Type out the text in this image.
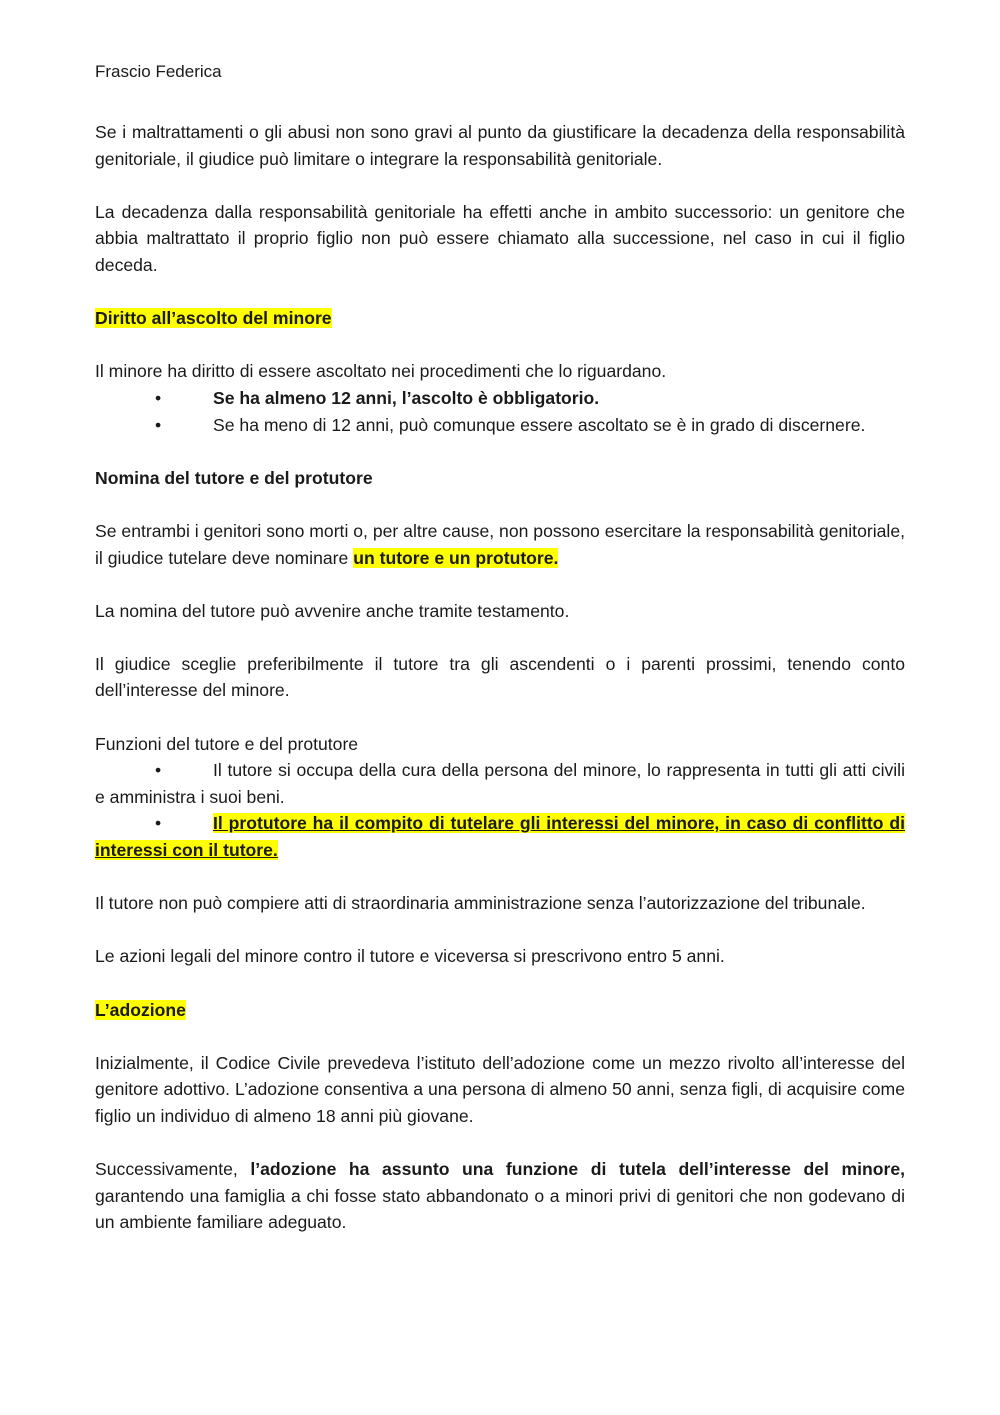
Frascio Federica

Se i maltrattamenti o gli abusi non sono gravi al punto da giustificare la decadenza della responsabilità genitoriale, il giudice può limitare o integrare la responsabilità genitoriale.

La decadenza dalla responsabilità genitoriale ha effetti anche in ambito successorio: un genitore che abbia maltrattato il proprio figlio non può essere chiamato alla successione, nel caso in cui il figlio deceda.

Diritto all’ascolto del minore

Il minore ha diritto di essere ascoltato nei procedimenti che lo riguardano.

•	Se ha almeno 12 anni, l’ascolto è obbligatorio.

•	Se ha meno di 12 anni, può comunque essere ascoltato se è in grado di discernere.

Nomina del tutore e del protutore

Se entrambi i genitori sono morti o, per altre cause, non possono esercitare la responsabilità genitoriale, il giudice tutelare deve nominare un tutore e un protutore.

La nomina del tutore può avvenire anche tramite testamento.

Il giudice sceglie preferibilmente il tutore tra gli ascendenti o i parenti prossimi, tenendo conto dell’interesse del minore.

Funzioni del tutore e del protutore

•	Il tutore si occupa della cura della persona del minore, lo rappresenta in tutti gli atti civili e amministra i suoi beni.

•	Il protutore ha il compito di tutelare gli interessi del minore, in caso di conflitto di interessi con il tutore.

Il tutore non può compiere atti di straordinaria amministrazione senza l’autorizzazione del tribunale.

Le azioni legali del minore contro il tutore e viceversa si prescrivono entro 5 anni.

L’adozione

Inizialmente, il Codice Civile prevedeva l’istituto dell’adozione come un mezzo rivolto all’interesse del genitore adottivo. L’adozione consentiva a una persona di almeno 50 anni, senza figli, di acquisire come figlio un individuo di almeno 18 anni più giovane.

Successivamente, l’adozione ha assunto una funzione di tutela dell’interesse del minore, garantendo una famiglia a chi fosse stato abbandonato o a minori privi di genitori che non godevano di un ambiente familiare adeguato.
